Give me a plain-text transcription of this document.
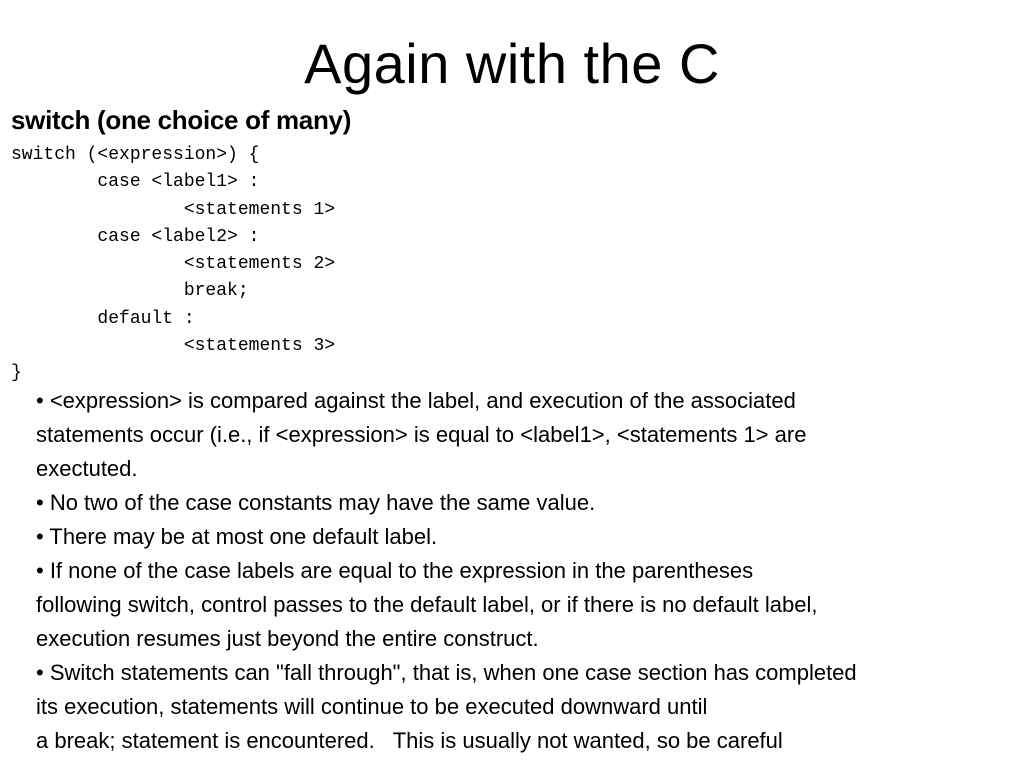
Again with the C
switch (one choice of many)
switch (<expression>) {
case <label1> :
<statements 1>
case <label2> :
<statements 2>
break;
default :
<statements 3>
}
• <expression> is compared against the label, and execution of the associated
statements occur (i.e., if <expression> is equal to <label1>, <statements 1> are
exectuted.
• No two of the case constants may have the same value.
• There may be at most one default label.
• If none of the case labels are equal to the expression in the parentheses
following switch, control passes to the default label, or if there is no default label,
execution resumes just beyond the entire construct.
• Switch statements can "fall through", that is, when one case section has completed
its execution, statements will continue to be executed downward until
a break; statement is encountered.   This is usually not wanted, so be careful
